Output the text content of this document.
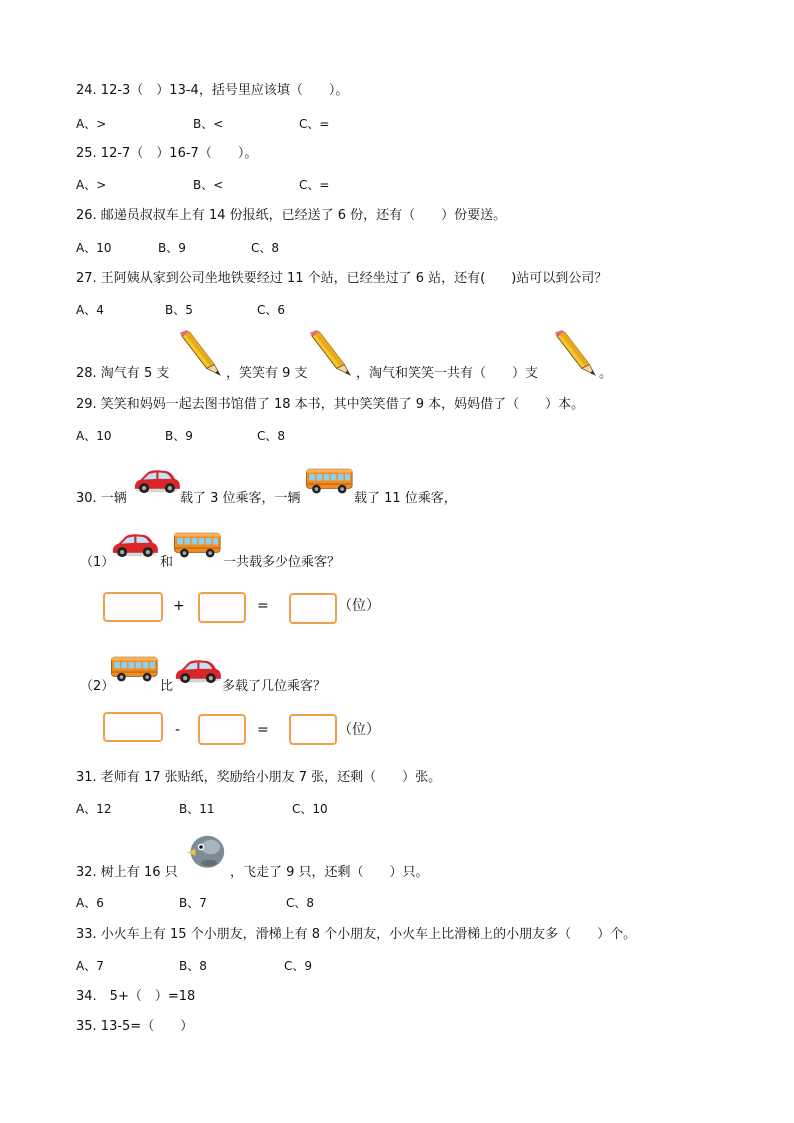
24. 12-3（　）13-4，括号里应该填（　　）。
A、>	B、<	C、=
25. 12-7（　）16-7（　　）。
A、>	B、<	C、=
26. 邮递员叔叔车上有 14 份报纸，已经送了 6 份，还有（　　）份要送。
A、10	B、9	C、8
27. 王阿姨从家到公司坐地铁要经过 11 个站，已经坐过了 6 站，还有(　　)站可以到公司？
A、4	B、5	C、6
28. 淘气有 5 支	，笑笑有 9 支	，淘气和笑笑一共有（　　）支	。
29. 笑笑和妈妈一起去图书馆借了 18 本书，其中笑笑借了 9 本，妈妈借了（　　）本。
A、10	B、9	C、8
30. 一辆	载了 3 位乘客，一辆	载了 11 位乘客，
（1）	和	一共载多少位乘客？
+	=	（位）
（2）	比	多载了几位乘客？
-	=	（位）
31. 老师有 17 张贴纸，奖励给小朋友 7 张，还剩（　　）张。
A、12	B、11	C、10
32. 树上有 16 只	，飞走了 9 只，还剩（　　）只。
A、6	B、7	C、8
33. 小火车上有 15 个小朋友，滑梯上有 8 个小朋友，小火车上比滑梯上的小朋友多（　　）个。
A、7	B、8	C、9
34.　5+（　）=18
35. 13-5=（　　）
